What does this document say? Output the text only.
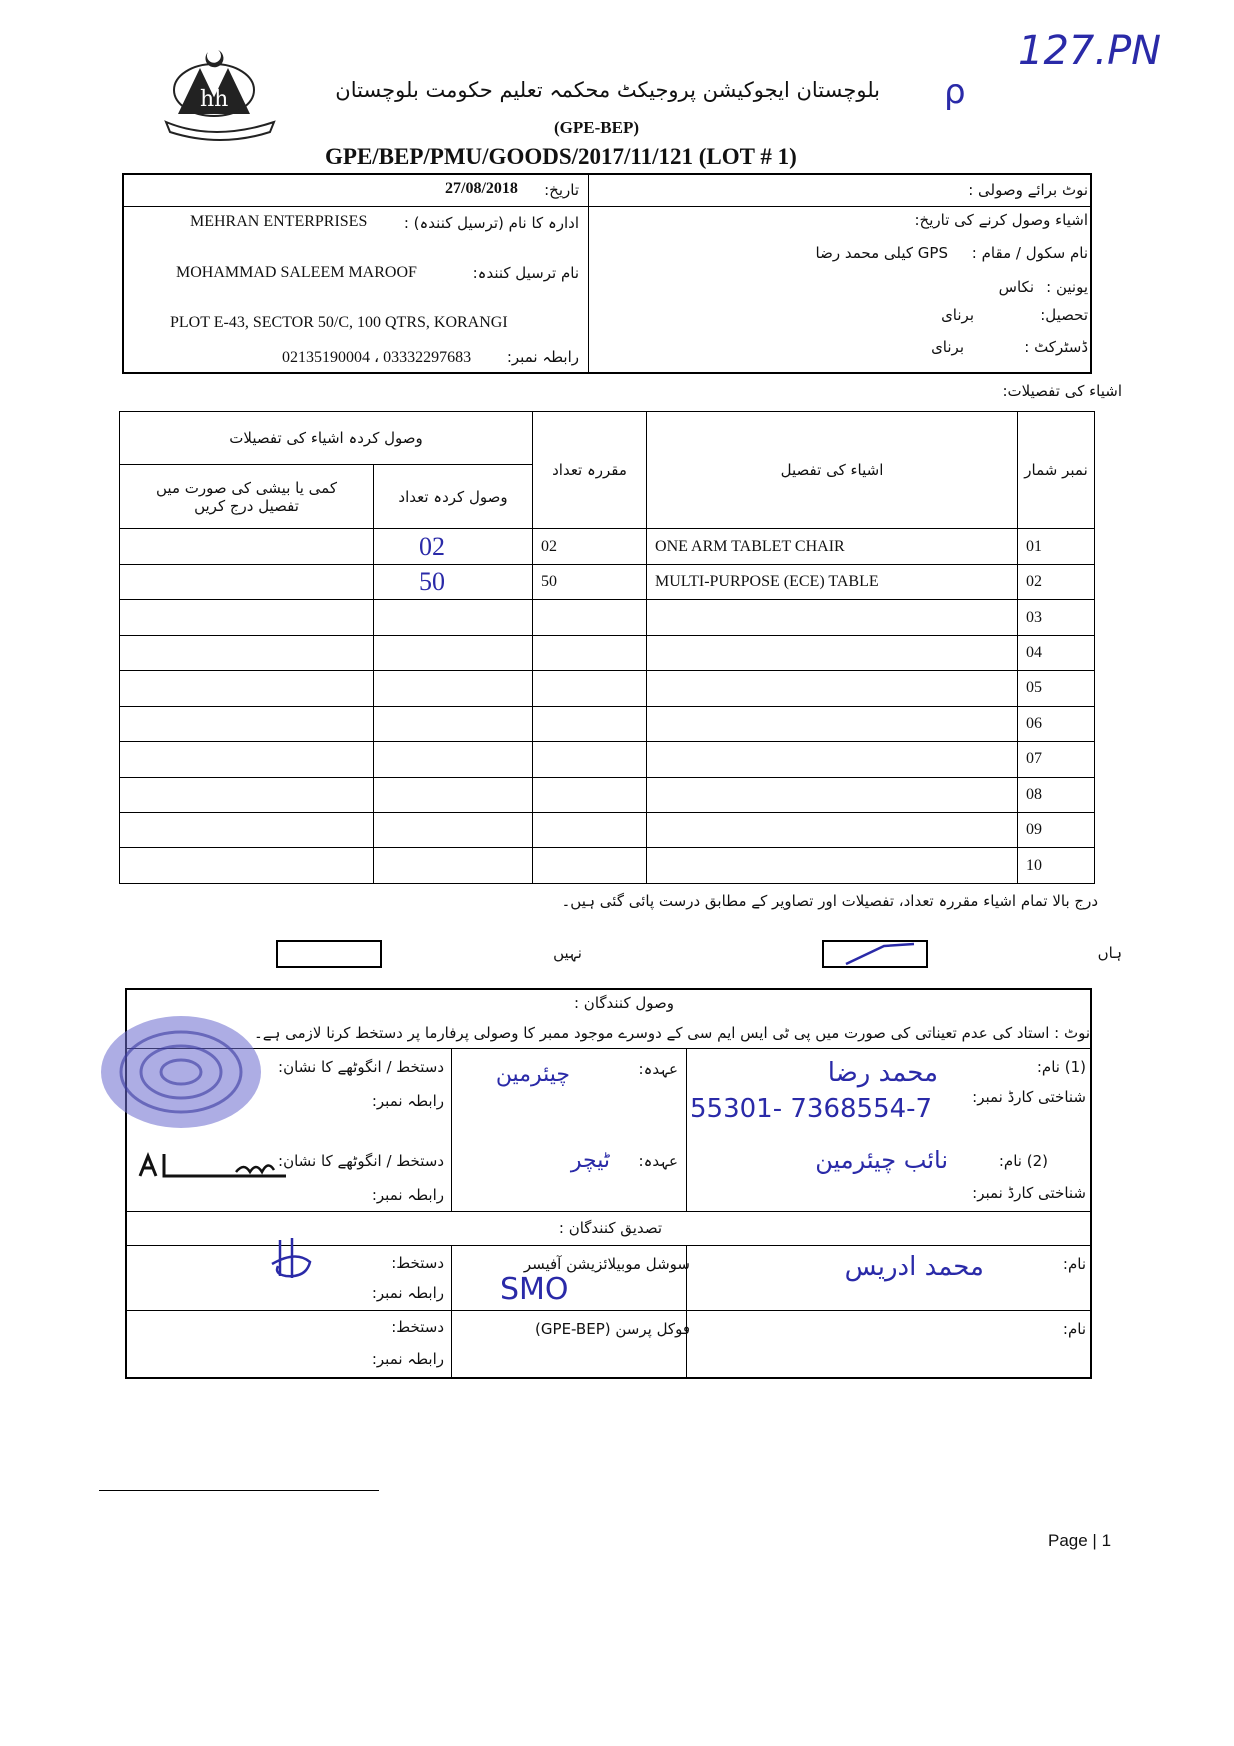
hh	بلوچستان ایجوکیشن پروجیکٹ محکمہ تعلیم حکومت بلوچستان
(GPE-BEP)
GPE/BEP/PMU/GOODS/2017/11/121 (LOT # 1)
127.PN
ρ
تاریخ:
27/08/2018	نوٹ برائے وصولی :
ادارہ کا نام (ترسیل کنندہ) :
MEHRAN ENTERPRISES
نام ترسیل کنندہ:
MOHAMMAD SALEEM MAROOF
PLOT E-43, SECTOR 50/C, 100 QTRS, KORANGI
رابطہ نمبر:
02135190004 ، 03332297683
اشیاء وصول کرنے کی تاریخ:
نام سکول / مقام :
GPS کیلی محمد رضا
یونین :
نکاس
تحصیل:
برنای
ڈسٹرکٹ :
برنای
اشیاء کی تفصیلات:
وصول کردہ اشیاء کی تفصیلات		مقررہ تعداد	اشیاء کی تفصیل	نمبر شمار
کمی یا بیشی کی صورت میں تفصیل درج کریں	وصول کردہ تعداد			
	02	02	ONE ARM TABLET CHAIR	01
	50	50	MULTI-PURPOSE (ECE) TABLE	02
				03
				04
				05
				06
				07
				08
				09
				10
درج بالا تمام اشیاء مقررہ تعداد، تفصیلات اور تصاویر کے مطابق درست پائی گئی ہیں۔
ہاں
نہیں
وصول کنندگان :
نوٹ : استاد کی عدم تعیناتی کی صورت میں پی ٹی ایس ایم سی کے دوسرے موجود ممبر کا وصولی پرفارما پر دستخط کرنا لازمی ہے۔
(1) نام:
محمد رضا
شناختی کارڈ نمبر:
55301- 7368554-7
عہدہ:
چیئرمین
دستخط / انگوٹھے کا نشان:
رابطہ نمبر:
(2) نام:
نائب چیئرمین
شناختی کارڈ نمبر:
عہدہ:
ٹیچر
دستخط / انگوٹھے کا نشان:
رابطہ نمبر:
تصدیق کنندگان :
نام:
محمد ادریس
سوشل موبیلائزیشن آفیسر
SMO
دستخط:
رابطہ نمبر:
نام:
فوکل پرسن (GPE-BEP)
دستخط:
رابطہ نمبر:
Page | 1
